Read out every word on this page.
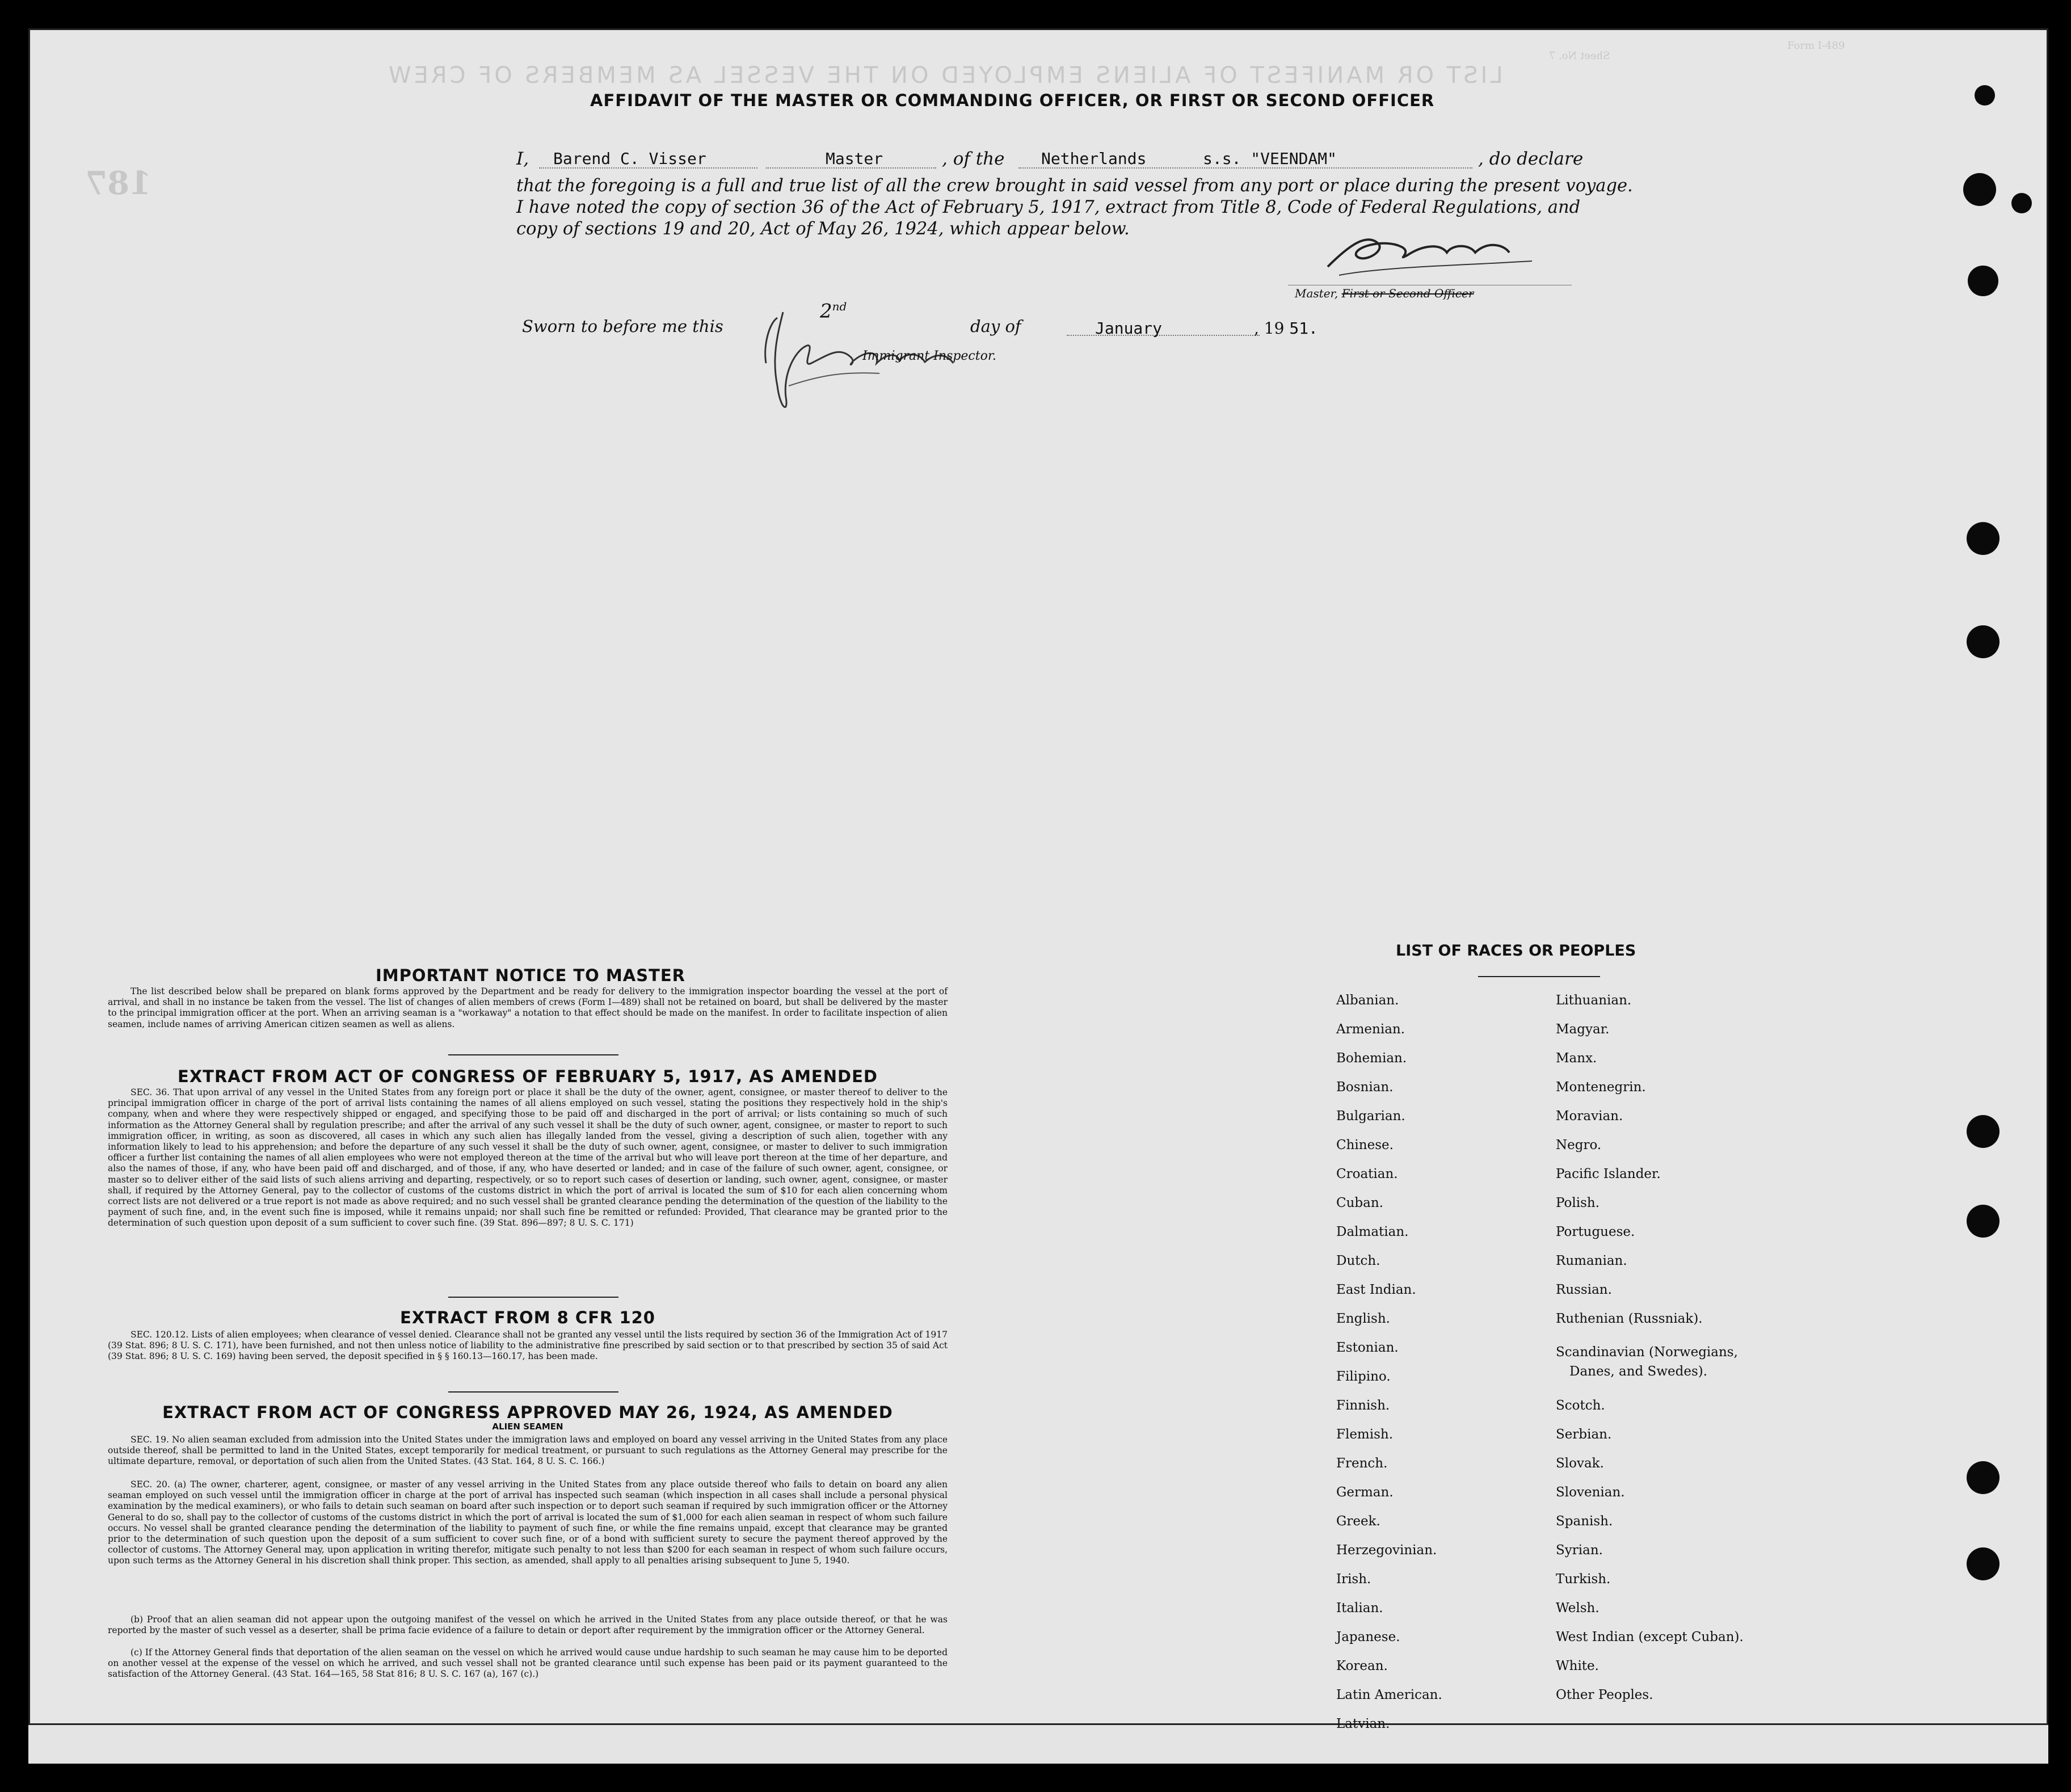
LIST OR MANIFEST OF ALIENS EMPLOYED ON THE VESSEL AS MEMBERS OF CREW
Form I-489
Sheet No. 7
187
AFFIDAVIT OF THE MASTER OR COMMANDING OFFICER, OR FIRST OR SECOND OFFICER
I, Barend C. Visser	Master	, of the Netherlands	s.s. "VEENDAM"	, do declare
that the foregoing is a full and true list of all the crew brought in said vessel from any port or place during the present voyage.
I have noted the copy of section 36 of the Act of February 5, 1917, extract from Title 8, Code of Federal Regulations, and
copy of sections 19 and 20, Act of May 26, 1924, which appear below.
Master, First or Second Officer
Sworn to before me this
2nd
day of	January	, 19 51.
Immigrant Inspector.
IMPORTANT NOTICE TO MASTER
The list described below shall be prepared on blank forms approved by the Department and be ready for delivery to the immigration inspector boarding the vessel at the port of arrival, and shall in no instance be taken from the vessel. The list of changes of alien members of crews (Form I—489) shall not be retained on board, but shall be delivered by the master to the principal immigration officer at the port. When an arriving seaman is a "workaway" a notation to that effect should be made on the manifest. In order to facilitate inspection of alien seamen, include names of arriving American citizen seamen as well as aliens.
EXTRACT FROM ACT OF CONGRESS OF FEBRUARY 5, 1917, AS AMENDED
SEC. 36. That upon arrival of any vessel in the United States from any foreign port or place it shall be the duty of the owner, agent, consignee, or master thereof to deliver to the principal immigration officer in charge of the port of arrival lists containing the names of all aliens employed on such vessel, stating the positions they respectively hold in the ship's company, when and where they were respectively shipped or engaged, and specifying those to be paid off and discharged in the port of arrival; or lists containing so much of such information as the Attorney General shall by regulation prescribe; and after the arrival of any such vessel it shall be the duty of such owner, agent, consignee, or master to report to such immigration officer, in writing, as soon as discovered, all cases in which any such alien has illegally landed from the vessel, giving a description of such alien, together with any information likely to lead to his apprehension; and before the departure of any such vessel it shall be the duty of such owner, agent, consignee, or master to deliver to such immigration officer a further list containing the names of all alien employees who were not employed thereon at the time of the arrival but who will leave port thereon at the time of her departure, and also the names of those, if any, who have been paid off and discharged, and of those, if any, who have deserted or landed; and in case of the failure of such owner, agent, consignee, or master so to deliver either of the said lists of such aliens arriving and departing, respectively, or so to report such cases of desertion or landing, such owner, agent, consignee, or master shall, if required by the Attorney General, pay to the collector of customs of the customs district in which the port of arrival is located the sum of $10 for each alien concerning whom correct lists are not delivered or a true report is not made as above required; and no such vessel shall be granted clearance pending the determination of the question of the liability to the payment of such fine, and, in the event such fine is imposed, while it remains unpaid; nor shall such fine be remitted or refunded: Provided, That clearance may be granted prior to the determination of such question upon deposit of a sum sufficient to cover such fine. (39 Stat. 896—897; 8 U. S. C. 171)
EXTRACT FROM 8 CFR 120
SEC. 120.12. Lists of alien employees; when clearance of vessel denied. Clearance shall not be granted any vessel until the lists required by section 36 of the Immigration Act of 1917 (39 Stat. 896; 8 U. S. C. 171), have been furnished, and not then unless notice of liability to the administrative fine prescribed by said section or to that prescribed by section 35 of said Act (39 Stat. 896; 8 U. S. C. 169) having been served, the deposit specified in § § 160.13—160.17, has been made.
EXTRACT FROM ACT OF CONGRESS APPROVED MAY 26, 1924, AS AMENDED
ALIEN SEAMEN
SEC. 19. No alien seaman excluded from admission into the United States under the immigration laws and employed on board any vessel arriving in the United States from any place outside thereof, shall be permitted to land in the United States, except temporarily for medical treatment, or pursuant to such regulations as the Attorney General may prescribe for the ultimate departure, removal, or deportation of such alien from the United States. (43 Stat. 164, 8 U. S. C. 166.)
SEC. 20. (a) The owner, charterer, agent, consignee, or master of any vessel arriving in the United States from any place outside thereof who fails to detain on board any alien seaman employed on such vessel until the immigration officer in charge at the port of arrival has inspected such seaman (which inspection in all cases shall include a personal physical examination by the medical examiners), or who fails to detain such seaman on board after such inspection or to deport such seaman if required by such immigration officer or the Attorney General to do so, shall pay to the collector of customs of the customs district in which the port of arrival is located the sum of $1,000 for each alien seaman in respect of whom such failure occurs. No vessel shall be granted clearance pending the determination of the liability to payment of such fine, or while the fine remains unpaid, except that clearance may be granted prior to the determination of such question upon the deposit of a sum sufficient to cover such fine, or of a bond with sufficient surety to secure the payment thereof approved by the collector of customs. The Attorney General may, upon application in writing therefor, mitigate such penalty to not less than $200 for each seaman in respect of whom such failure occurs, upon such terms as the Attorney General in his discretion shall think proper. This section, as amended, shall apply to all penalties arising subsequent to June 5, 1940.
(b) Proof that an alien seaman did not appear upon the outgoing manifest of the vessel on which he arrived in the United States from any place outside thereof, or that he was reported by the master of such vessel as a deserter, shall be prima facie evidence of a failure to detain or deport after requirement by the immigration officer or the Attorney General.
(c) If the Attorney General finds that deportation of the alien seaman on the vessel on which he arrived would cause undue hardship to such seaman he may cause him to be deported on another vessel at the expense of the vessel on which he arrived, and such vessel shall not be granted clearance until such expense has been paid or its payment guaranteed to the satisfaction of the Attorney General. (43 Stat. 164—165, 58 Stat 816; 8 U. S. C. 167 (a), 167 (c).)
LIST OF RACES OR PEOPLES
Albanian.
Armenian.
Bohemian.
Bosnian.
Bulgarian.
Chinese.
Croatian.
Cuban.
Dalmatian.
Dutch.
East Indian.
English.
Estonian.
Filipino.
Finnish.
Flemish.
French.
German.
Greek.
Herzegovinian.
Irish.
Italian.
Japanese.
Korean.
Latin American.
Latvian.
Lithuanian.
Magyar.
Manx.
Montenegrin.
Moravian.
Negro.
Pacific Islander.
Polish.
Portuguese.
Rumanian.
Russian.
Ruthenian (Russniak).
Scandinavian (Norwegians,
Danes, and Swedes).
Scotch.
Serbian.
Slovak.
Slovenian.
Spanish.
Syrian.
Turkish.
Welsh.
West Indian (except Cuban).
White.
Other Peoples.
